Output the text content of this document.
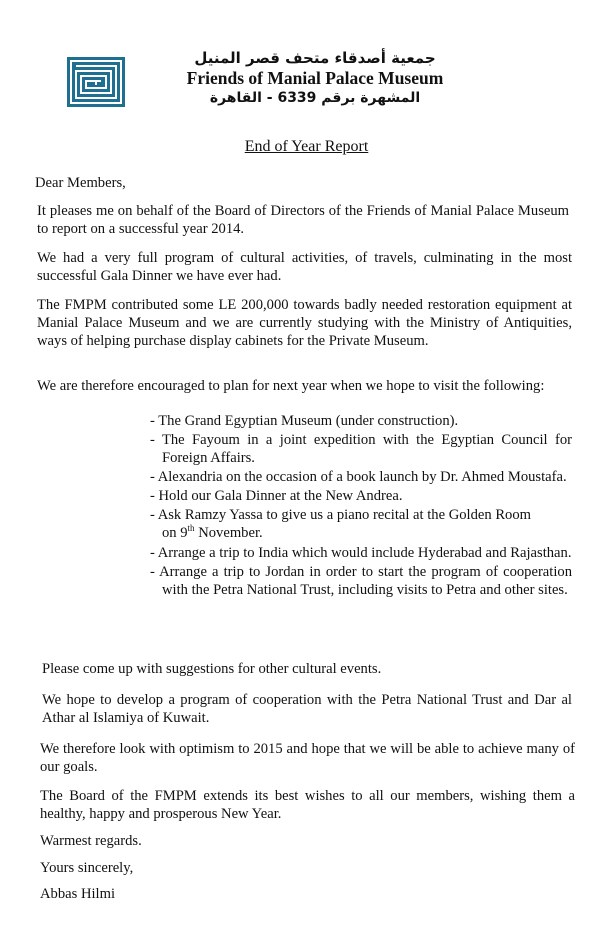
جمعية أصدقاء متحف قصر المنيل
Friends of Manial Palace Museum
المشهرة برقم 6339 - القاهرة
End of Year Report
Dear Members,
It pleases me on behalf of the Board of Directors of the Friends of Manial Palace Museum to report on a successful year 2014.
We had a very full program of cultural activities, of travels, culminating in the most successful Gala Dinner we have ever had.
The FMPM contributed some LE 200,000 towards badly needed restoration equipment at Manial Palace Museum and we are currently studying with the Ministry of Antiquities, ways of helping purchase display cabinets for the Private Museum.
We are therefore encouraged to plan for next year when we hope to visit the following:
- The Grand Egyptian Museum (under construction).
- The Fayoum in a joint expedition with the Egyptian Council for Foreign Affairs.
- Alexandria on the occasion of a book launch by Dr. Ahmed Moustafa.
- Hold our Gala Dinner at the New Andrea.
- Ask Ramzy Yassa to give us a piano recital at the Golden Room
on 9th November.
- Arrange a trip to India which would include Hyderabad and Rajasthan.
- Arrange a trip to Jordan in order to start the program of cooperation with the Petra National Trust, including visits to Petra and other sites.
Please come up with suggestions for other cultural events.
We hope to develop a program of cooperation with the Petra National Trust and Dar al Athar al Islamiya of Kuwait.
We therefore look with optimism to 2015 and hope that we will be able to achieve many of our goals.
The Board of the FMPM extends its best wishes to all our members, wishing them a healthy, happy and prosperous New Year.
Warmest regards.
Yours sincerely,
Abbas Hilmi
